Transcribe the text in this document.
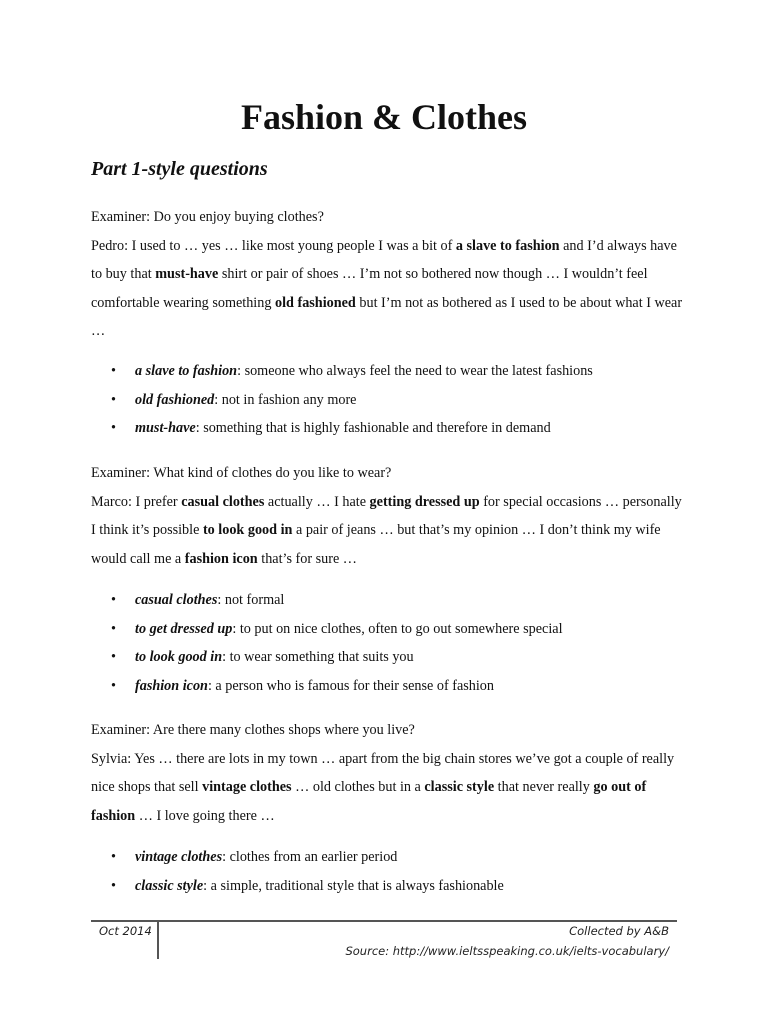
Fashion & Clothes
Part 1-style questions

Examiner: Do you enjoy buying clothes?

Pedro: I used to … yes … like most young people I was a bit of a slave to fashion and I’d always have to buy that must-have shirt or pair of shoes … I’m not so bothered now though … I wouldn’t feel comfortable wearing something old fashioned but I’m not as bothered as I used to be about what I wear …

• a slave to fashion: someone who always feel the need to wear the latest fashions
• old fashioned: not in fashion any more
• must-have: something that is highly fashionable and therefore in demand

Examiner: What kind of clothes do you like to wear?

Marco: I prefer casual clothes actually … I hate getting dressed up for special occasions … personally I think it’s possible to look good in a pair of jeans … but that’s my opinion … I don’t think my wife would call me a fashion icon that’s for sure …

• casual clothes: not formal
• to get dressed up: to put on nice clothes, often to go out somewhere special
• to look good in: to wear something that suits you
• fashion icon: a person who is famous for their sense of fashion

Examiner: Are there many clothes shops where you live?

Sylvia: Yes … there are lots in my town … apart from the big chain stores we’ve got a couple of really nice shops that sell vintage clothes … old clothes but in a classic style that never really go out of fashion … I love going there …

• vintage clothes: clothes from an earlier period
• classic style: a simple, traditional style that is always fashionable
Oct 2014	Collected by A&B
Source: http://www.ieltsspeaking.co.uk/ielts-vocabulary/
